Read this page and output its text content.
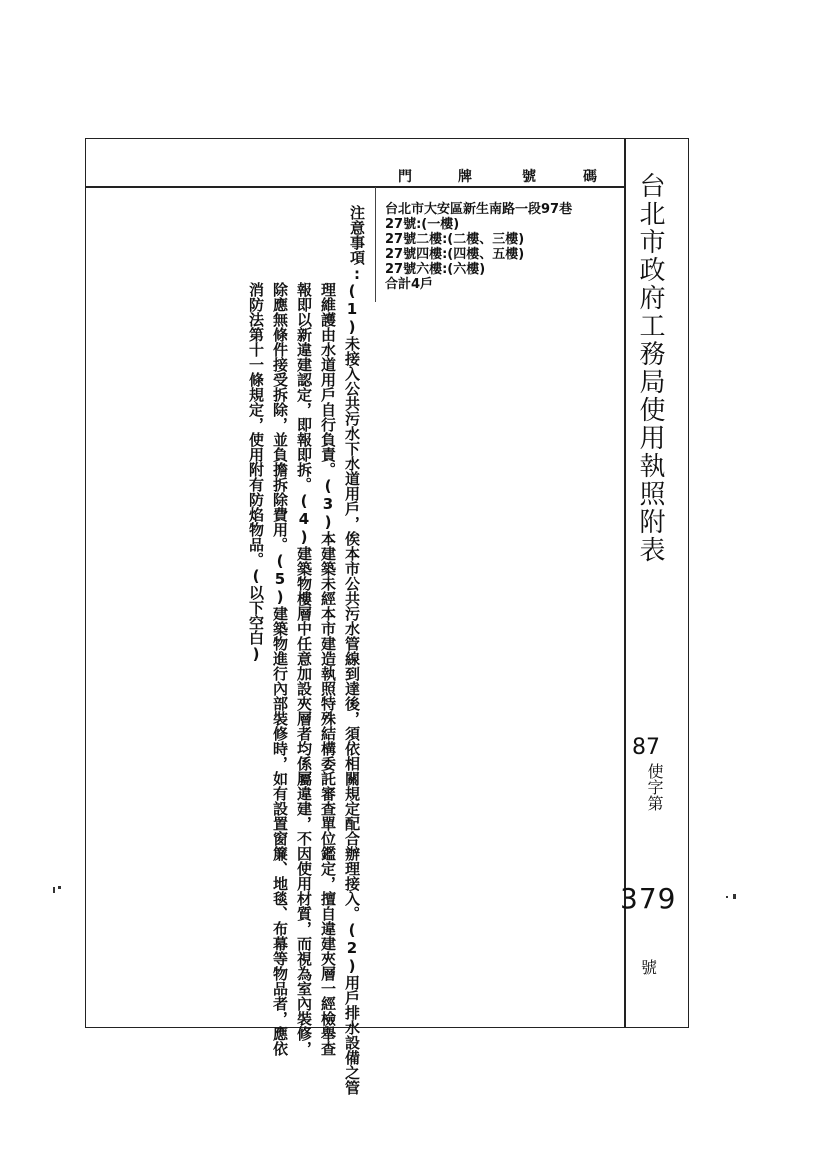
門	牌	號	碼
台北市大安區新生南路一段97巷
27號:(一樓)
27號二樓:(二樓、三樓)
27號四樓:(四樓、五樓)
27號六樓:(六樓)
合計4戶
注意事項:
(1)未接入公共污水下水道用戶，俟本市公共污水管線到達後，須依相關規定配合辦理接入。(2)用戶排水設備之管
理維護由水道用戶自行負責。(3)本建築未經本市建造執照特殊結構委託審查單位鑑定，擅自違建夾層一經檢舉查
報即以新違建認定，即報即拆。(4)建築物樓層中任意加設夾層者均係屬違建，不因使用材質，而視為室內裝修，
除應無條件接受拆除，並負擔拆除費用。(5)建築物進行內部裝修時，如有設置窗簾、地毯、布幕等物品者，應依
消防法第十一條規定，使用附有防焰物品。(以下空白)	台北市政府工務局使用執照附表
87
使字第
379
號
